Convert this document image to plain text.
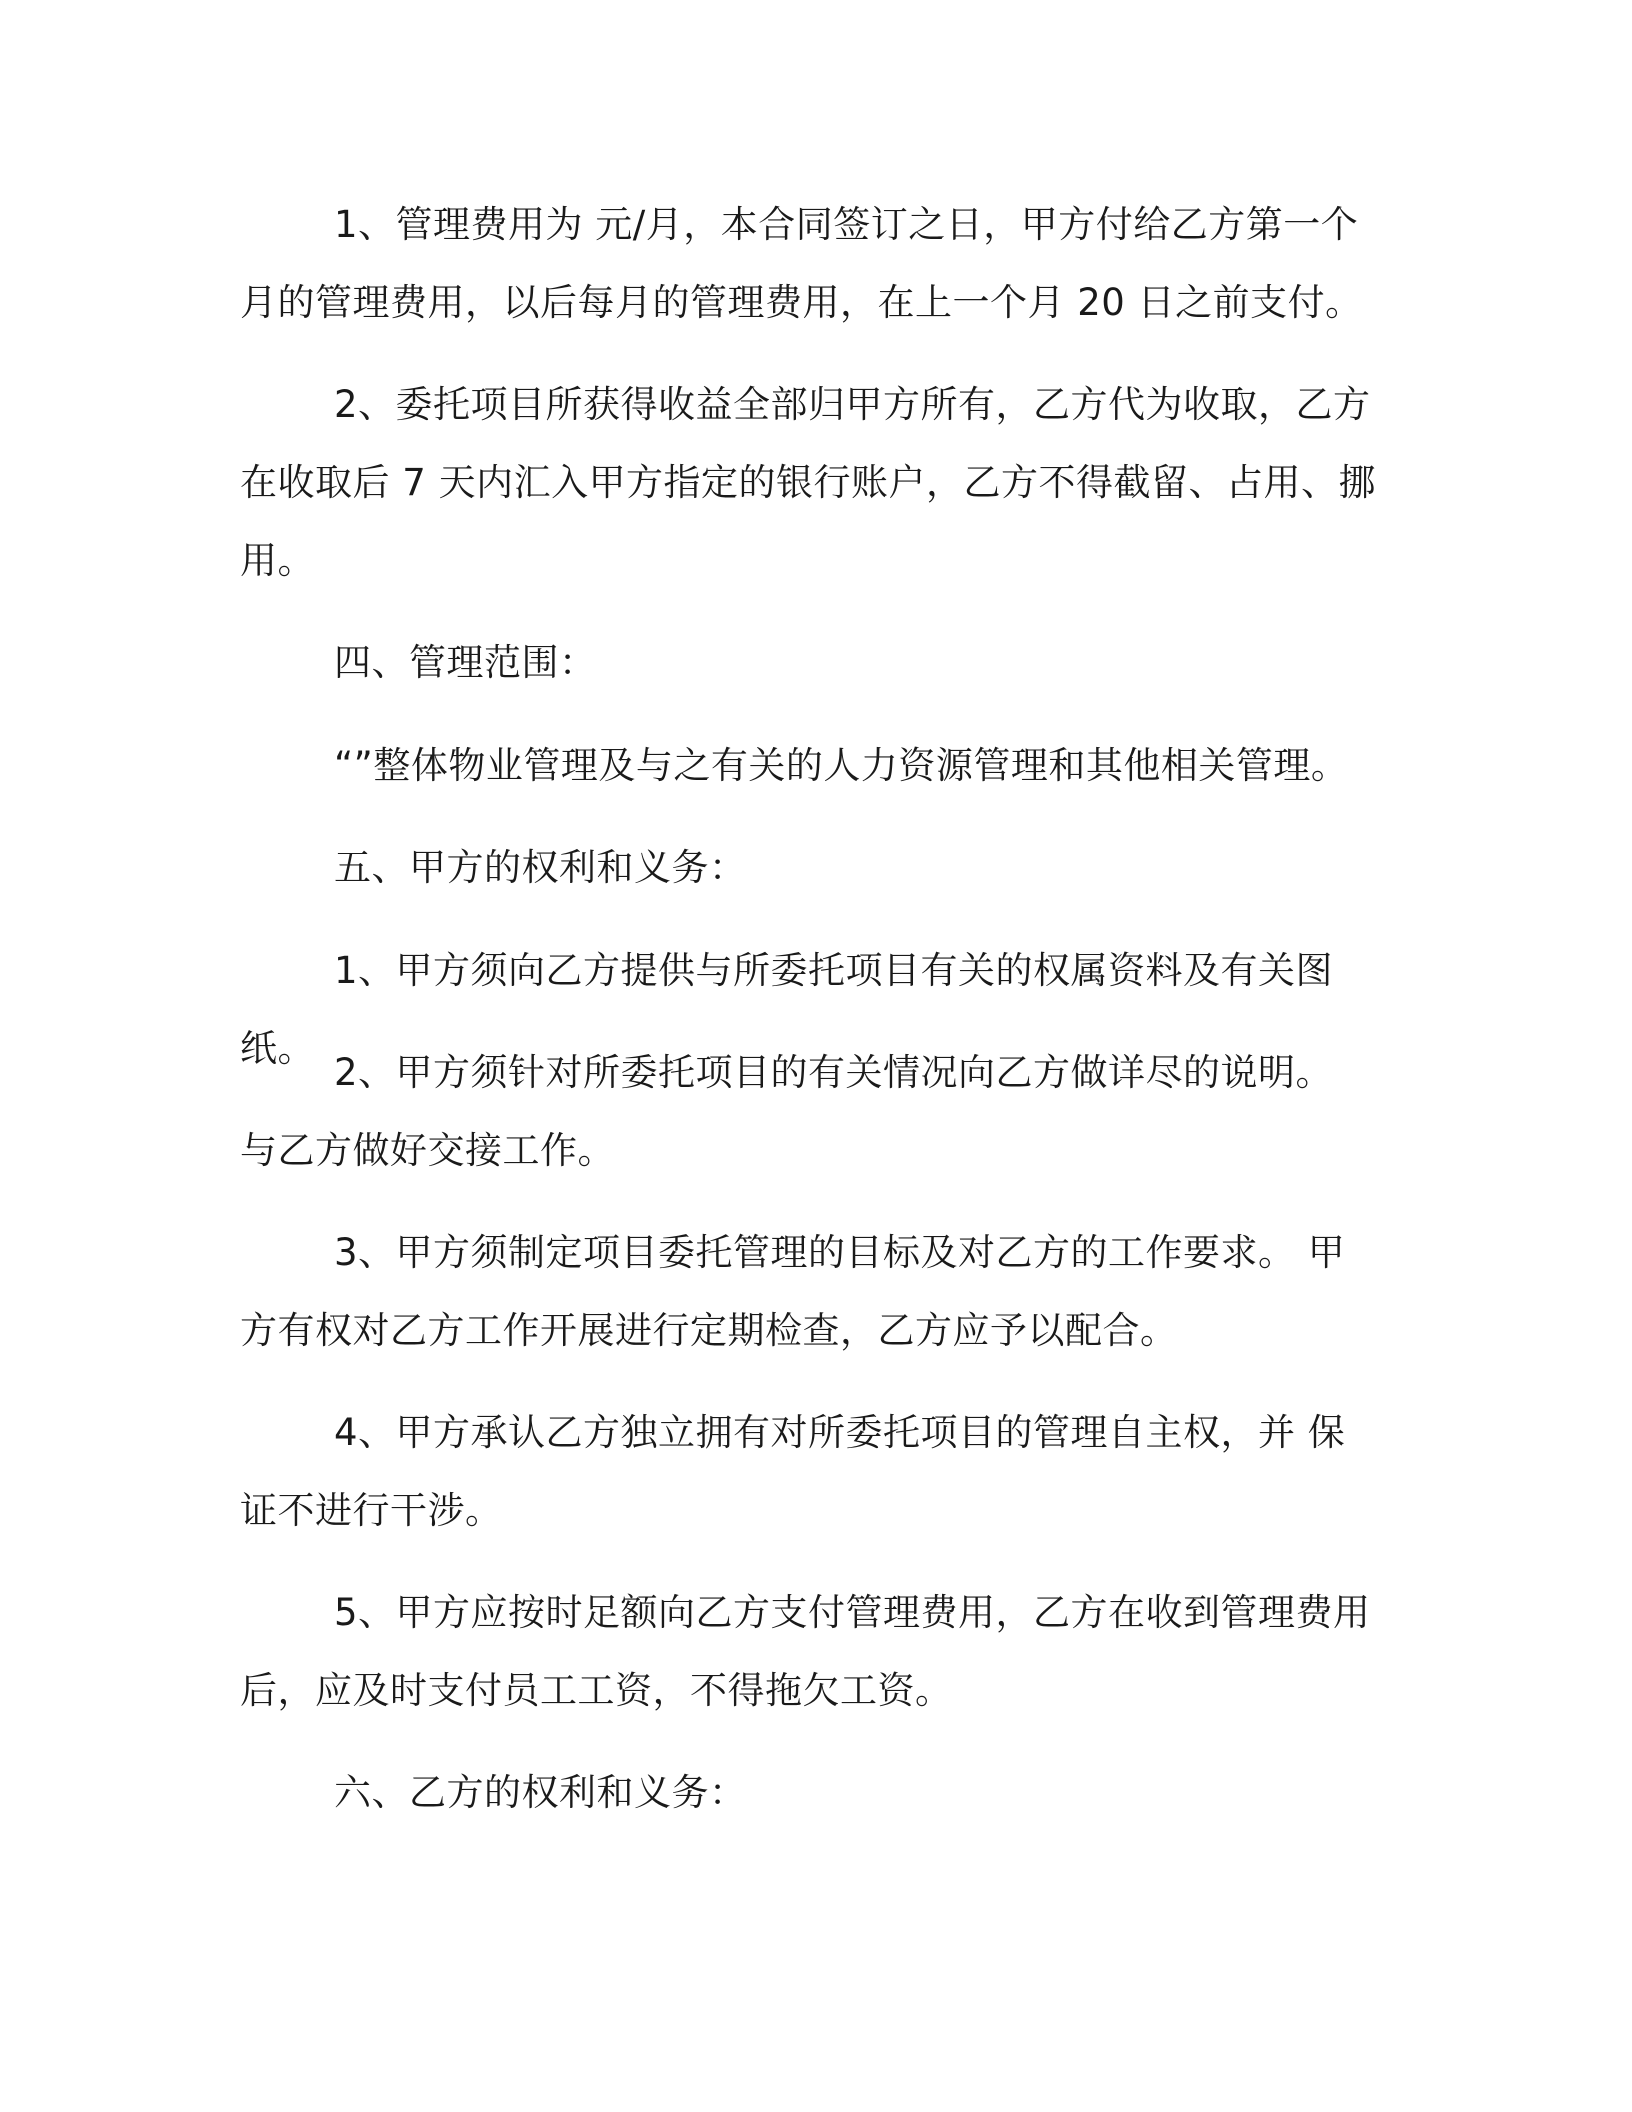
1、管理费用为 元/月，本合同签订之日，甲方付给乙方第一个月的管理费用，以后每月的管理费用，在上一个月 20 日之前支付。

2、委托项目所获得收益全部归甲方所有，乙方代为收取，乙方在收取后 7 天内汇入甲方指定的银行账户，乙方不得截留、占用、挪用。

四、管理范围：

“”整体物业管理及与之有关的人力资源管理和其他相关管理。

五、甲方的权利和义务：

1、甲方须向乙方提供与所委托项目有关的权属资料及有关图纸。

2、甲方须针对所委托项目的有关情况向乙方做详尽的说明。 与乙方做好交接工作。

3、甲方须制定项目委托管理的目标及对乙方的工作要求。 甲方有权对乙方工作开展进行定期检查，乙方应予以配合。

4、甲方承认乙方独立拥有对所委托项目的管理自主权，并 保证不进行干涉。

5、甲方应按时足额向乙方支付管理费用，乙方在收到管理费用后，应及时支付员工工资，不得拖欠工资。

六、乙方的权利和义务：
